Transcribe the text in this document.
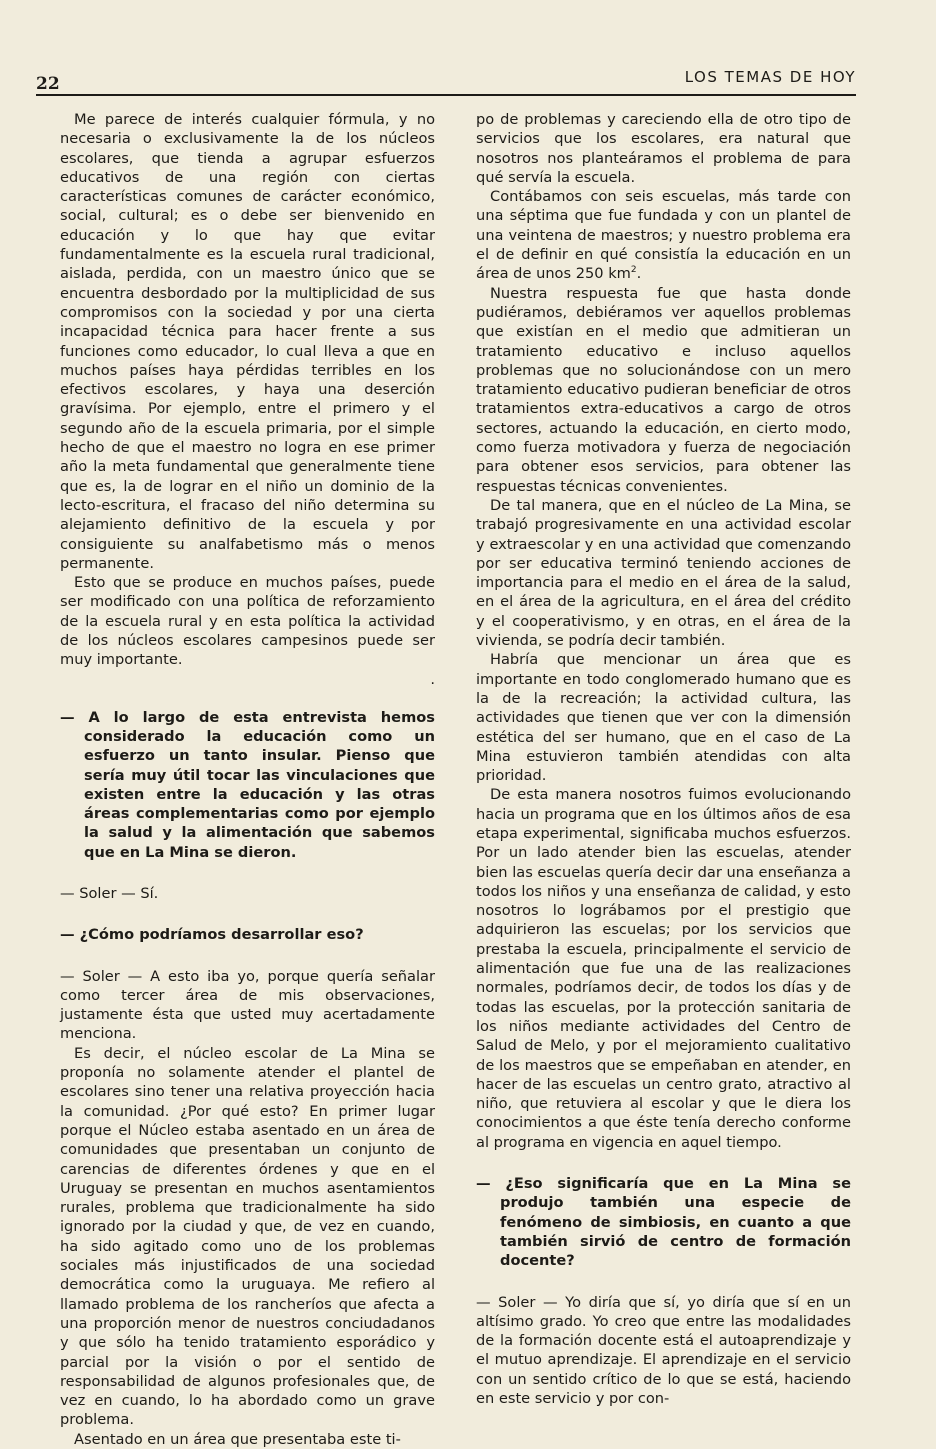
22	LOS TEMAS DE HOY

Me parece de interés cualquier fórmula, y no necesaria o exclusivamente la de los núcleos escolares, que tienda a agrupar esfuerzos educativos de una región con ciertas características comunes de carácter económico, social, cultural; es o debe ser bienvenido en educación y lo que hay que evitar fundamentalmente es la escuela rural tradicional, aislada, perdida, con un maestro único que se encuentra desbordado por la multiplicidad de sus compromisos con la sociedad y por una cierta incapacidad técnica para hacer frente a sus funciones como educador, lo cual lleva a que en muchos países haya pérdidas terribles en los efectivos escolares, y haya una deserción gravísima. Por ejemplo, entre el primero y el segundo año de la escuela primaria, por el simple hecho de que el maestro no logra en ese primer año la meta fundamental que generalmente tiene que es, la de lograr en el niño un dominio de la lecto-escritura, el fracaso del niño determina su alejamiento definitivo de la escuela y por consiguiente su analfabetismo más o menos permanente.

Esto que se produce en muchos países, puede ser modificado con una política de reforzamiento de la escuela rural y en esta política la actividad de los núcleos escolares campesinos puede ser muy importante.

.

— A lo largo de esta entrevista hemos considerado la educación como un esfuerzo un tanto insular. Pienso que sería muy útil tocar las vinculaciones que existen entre la educación y las otras áreas complementarias como por ejemplo la salud y la alimentación que sabemos que en La Mina se dieron.

— Soler — Sí.

— ¿Cómo podríamos desarrollar eso?

— Soler — A esto iba yo, porque quería señalar como tercer área de mis observaciones, justamente ésta que usted muy acertadamente menciona.

Es decir, el núcleo escolar de La Mina se proponía no solamente atender el plantel de escolares sino tener una relativa proyección hacia la comunidad. ¿Por qué esto? En primer lugar porque el Núcleo estaba asentado en un área de comunidades que presentaban un conjunto de carencias de diferentes órdenes y que en el Uruguay se presentan en muchos asentamientos rurales, problema que tradicionalmente ha sido ignorado por la ciudad y que, de vez en cuando, ha sido agitado como uno de los problemas sociales más injustificados de una sociedad democrática como la uruguaya. Me refiero al llamado problema de los rancheríos que afecta a una proporción menor de nuestros conciudadanos y que sólo ha tenido tratamiento esporádico y parcial por la visión o por el sentido de responsabilidad de algunos profesionales que, de vez en cuando, lo ha abordado como un grave problema.

Asentado en un área que presentaba este ti-

po de problemas y careciendo ella de otro tipo de servicios que los escolares, era natural que nosotros nos planteáramos el problema de para qué servía la escuela.

Contábamos con seis escuelas, más tarde con una séptima que fue fundada y con un plantel de una veintena de maestros; y nuestro problema era el de definir en qué consistía la educación en un área de unos 250 $km^2$.

Nuestra respuesta fue que hasta donde pudiéramos, debiéramos ver aquellos problemas que existían en el medio que admitieran un tratamiento educativo e incluso aquellos problemas que no solucionándose con un mero tratamiento educativo pudieran beneficiar de otros tratamientos extra-educativos a cargo de otros sectores, actuando la educación, en cierto modo, como fuerza motivadora y fuerza de negociación para obtener esos servicios, para obtener las respuestas técnicas convenientes.

De tal manera, que en el núcleo de La Mina, se trabajó progresivamente en una actividad escolar y extraescolar y en una actividad que comenzando por ser educativa terminó teniendo acciones de importancia para el medio en el área de la salud, en el área de la agricultura, en el área del crédito y el cooperativismo, y en otras, en el área de la vivienda, se podría decir también.

Habría que mencionar un área que es importante en todo conglomerado humano que es la de la recreación; la actividad cultura, las actividades que tienen que ver con la dimensión estética del ser humano, que en el caso de La Mina estuvieron también atendidas con alta prioridad.

De esta manera nosotros fuimos evolucionando hacia un programa que en los últimos años de esa etapa experimental, significaba muchos esfuerzos. Por un lado atender bien las escuelas, atender bien las escuelas quería decir dar una enseñanza a todos los niños y una enseñanza de calidad, y esto nosotros lo lográbamos por el prestigio que adquirieron las escuelas; por los servicios que prestaba la escuela, principalmente el servicio de alimentación que fue una de las realizaciones normales, podríamos decir, de todos los días y de todas las escuelas, por la protección sanitaria de los niños mediante actividades del Centro de Salud de Melo, y por el mejoramiento cualitativo de los maestros que se empeñaban en atender, en hacer de las escuelas un centro grato, atractivo al niño, que retuviera al escolar y que le diera los conocimientos a que éste tenía derecho conforme al programa en vigencia en aquel tiempo.

— ¿Eso significaría que en La Mina se produjo también una especie de fenómeno de simbiosis, en cuanto a que también sirvió de centro de formación docente?

— Soler — Yo diría que sí, yo diría que sí en un altísimo grado. Yo creo que entre las modalidades de la formación docente está el autoaprendizaje y el mutuo aprendizaje. El aprendizaje en el servicio con un sentido crítico de lo que se está, haciendo en este servicio y por con-
